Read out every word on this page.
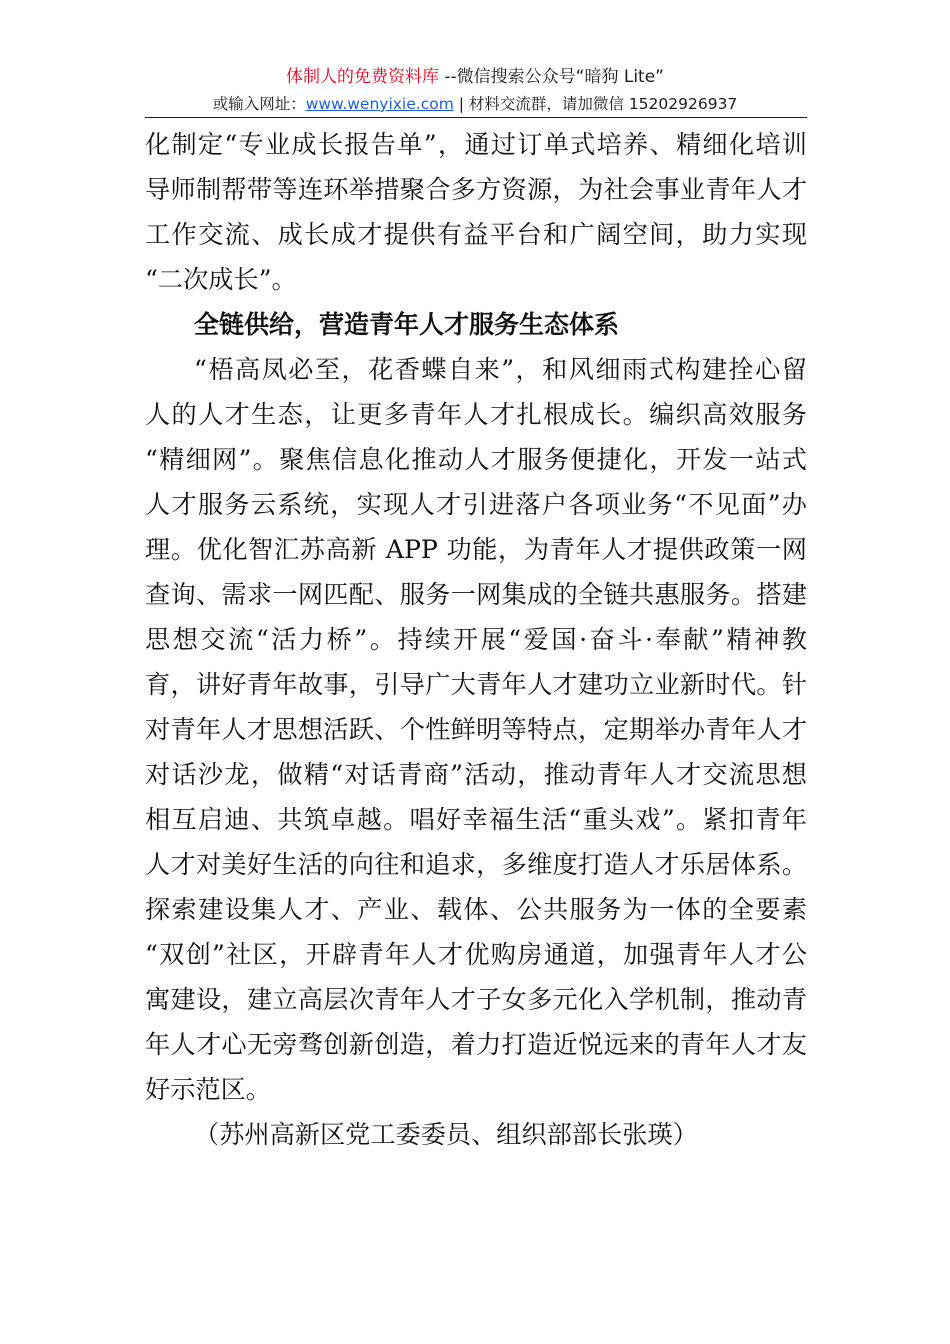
体制人的免费资料库 --微信搜索公众号“暗狗 Lite”
或输入网址：www.wenyixie.com | 材料交流群，请加微信 15202926937
化制定“专业成长报告单”，通过订单式培养、精细化培训
导师制帮带等连环举措聚合多方资源，为社会事业青年人才
工作交流、成长成才提供有益平台和广阔空间，助力实现
“二次成长”。
全链供给，营造青年人才服务生态体系
“梧高凤必至，花香蝶自来”，和风细雨式构建拴心留
人的人才生态，让更多青年人才扎根成长。编织高效服务
“精细网”。聚焦信息化推动人才服务便捷化，开发一站式
人才服务云系统，实现人才引进落户各项业务“不见面”办
理。优化智汇苏高新 APP 功能，为青年人才提供政策一网
查询、需求一网匹配、服务一网集成的全链共惠服务。搭建
思想交流“活力桥”。持续开展“爱国·奋斗·奉献”精神教
育，讲好青年故事，引导广大青年人才建功立业新时代。针
对青年人才思想活跃、个性鲜明等特点，定期举办青年人才
对话沙龙，做精“对话青商”活动，推动青年人才交流思想
相互启迪、共筑卓越。唱好幸福生活“重头戏”。紧扣青年
人才对美好生活的向往和追求，多维度打造人才乐居体系。
探索建设集人才、产业、载体、公共服务为一体的全要素
“双创”社区，开辟青年人才优购房通道，加强青年人才公
寓建设，建立高层次青年人才子女多元化入学机制，推动青
年人才心无旁骛创新创造，着力打造近悦远来的青年人才友
好示范区。
（苏州高新区党工委委员、组织部部长张瑛）
